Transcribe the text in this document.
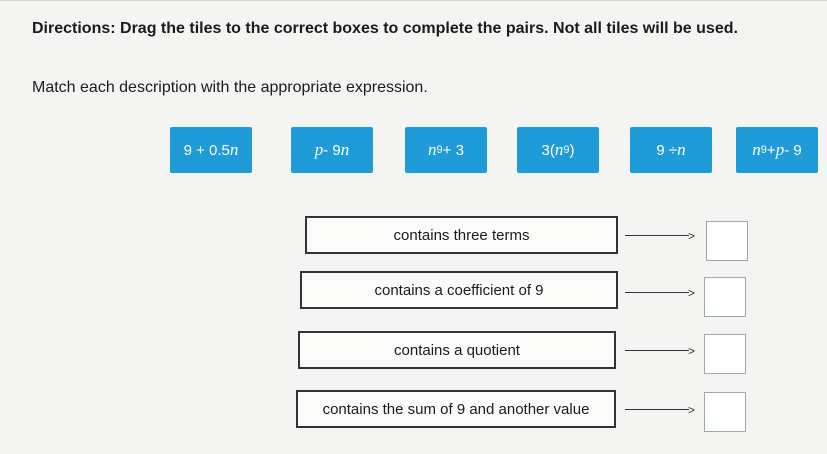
Directions: Drag the tiles to the correct boxes to complete the pairs. Not all tiles will be used.
Match each description with the appropriate expression.
9 + 0.5 n	p - 9 n	n 9 + 3	3( n 9 )	9 ÷ n	n 9 + p - 9
contains three terms
contains a coefficient of 9
contains a quotient
contains the sum of 9 and another value
>
>
>
>
